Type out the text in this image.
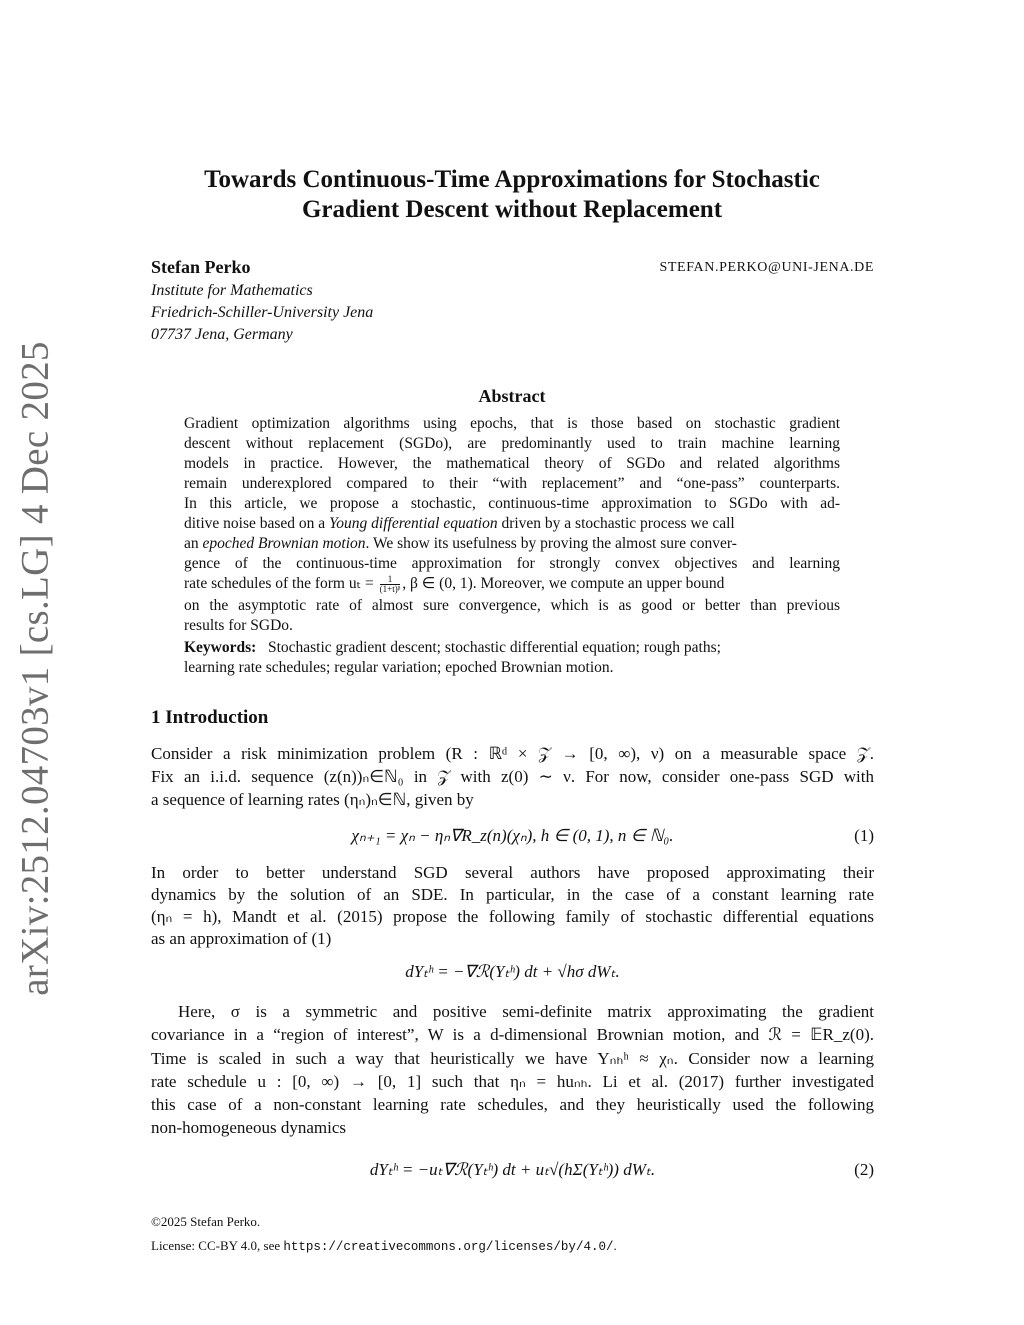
arXiv:2512.04703v1 [cs.LG] 4 Dec 2025
Towards Continuous-Time Approximations for Stochastic
Gradient Descent without Replacement
Stefan Perko	STEFAN.PERKO@UNI-JENA.DE
Institute for Mathematics
Friedrich-Schiller-University Jena
07737 Jena, Germany
Abstract
Gradient optimization algorithms using epochs, that is those based on stochastic gradient
descent without replacement (SGDo), are predominantly used to train machine learning
models in practice. However, the mathematical theory of SGDo and related algorithms
remain underexplored compared to their “with replacement” and “one-pass” counterparts.
In this article, we propose a stochastic, continuous-time approximation to SGDo with ad-
ditive noise based on a Young differential equation driven by a stochastic process we call
an epoched Brownian motion. We show its usefulness by proving the almost sure conver-
gence of the continuous-time approximation for strongly convex objectives and learning
rate schedules of the form $u_t = \frac{1}{\text{(1+t)ᵝ}}$ , β ∈ (0, 1). Moreover, we compute an upper bound
on the asymptotic rate of almost sure convergence, which is as good or better than previous
results for SGDo.
Keywords: Stochastic gradient descent; stochastic differential equation; rough paths;
learning rate schedules; regular variation; epoched Brownian motion.
1 Introduction
Consider a risk minimization problem (R : ℝᵈ × 𝒵 → [0, ∞), ν) on a measurable space 𝒵.
Fix an i.i.d. sequence (z(n))ₙ∈ℕ₀ in 𝒵 with z(0) ∼ ν. For now, consider one-pass SGD with
a sequence of learning rates (ηₙ)ₙ∈ℕ, given by
χₙ₊₁ = χₙ − ηₙ∇R_z(n)(χₙ), h ∈ (0, 1), n ∈ ℕ₀.	(1)
In order to better understand SGD several authors have proposed approximating their
dynamics by the solution of an SDE. In particular, in the case of a constant learning rate
(ηₙ = h), Mandt et al. (2015) propose the following family of stochastic differential equations
as an approximation of (1)
dYₜʰ = −∇ℛ(Yₜʰ) dt + √hσ dWₜ.
Here, σ is a symmetric and positive semi-definite matrix approximating the gradient
covariance in a “region of interest”, W is a d-dimensional Brownian motion, and ℛ = 𝔼R_z(0).
Time is scaled in such a way that heuristically we have Yₙₕʰ ≈ χₙ. Consider now a learning
rate schedule u : [0, ∞) → [0, 1] such that ηₙ = huₙₕ. Li et al. (2017) further investigated
this case of a non-constant learning rate schedules, and they heuristically used the following
non-homogeneous dynamics
dYₜʰ = −uₜ∇ℛ(Yₜʰ) dt + uₜ√(hΣ(Yₜʰ)) dWₜ.	(2)
©2025 Stefan Perko.
License: CC-BY 4.0, see https://creativecommons.org/licenses/by/4.0/.
